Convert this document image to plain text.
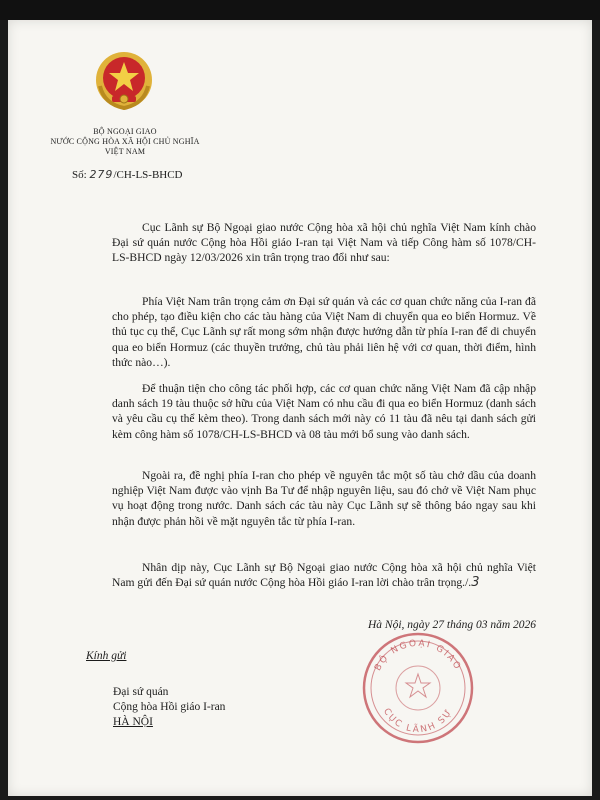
BỘ NGOẠI GIAO
NƯỚC CỘNG HÒA XÃ HỘI CHỦ NGHĨA
VIỆT NAM
Số: 279/CH-LS-BHCD

Cục Lãnh sự Bộ Ngoại giao nước Cộng hòa xã hội chủ nghĩa Việt Nam kính chào Đại sứ quán nước Cộng hòa Hồi giáo I-ran tại Việt Nam và tiếp Công hàm số 1078/CH-LS-BHCD ngày 12/03/2026 xin trân trọng trao đổi như sau:

Phía Việt Nam trân trọng cảm ơn Đại sứ quán và các cơ quan chức năng của I-ran đã cho phép, tạo điều kiện cho các tàu hàng của Việt Nam di chuyển qua eo biển Hormuz. Về thủ tục cụ thể, Cục Lãnh sự rất mong sớm nhận được hướng dẫn từ phía I-ran để di chuyển qua eo biển Hormuz (các thuyền trưởng, chủ tàu phải liên hệ với cơ quan, thời điểm, hình thức nào…).

Để thuận tiện cho công tác phối hợp, các cơ quan chức năng Việt Nam đã cập nhập danh sách 19 tàu thuộc sở hữu của Việt Nam có nhu cầu đi qua eo biển Hormuz (danh sách và yêu cầu cụ thể kèm theo). Trong danh sách mới này có 11 tàu đã nêu tại danh sách gửi kèm công hàm số 1078/CH-LS-BHCD và 08 tàu mới bổ sung vào danh sách.

Ngoài ra, đề nghị phía I-ran cho phép về nguyên tắc một số tàu chở dầu của doanh nghiệp Việt Nam được vào vịnh Ba Tư để nhập nguyên liệu, sau đó chở về Việt Nam phục vụ hoạt động trong nước. Danh sách các tàu này Cục Lãnh sự sẽ thông báo ngay sau khi nhận được phản hồi về mặt nguyên tắc từ phía I-ran.

Nhân dịp này, Cục Lãnh sự Bộ Ngoại giao nước Cộng hòa xã hội chủ nghĩa Việt Nam gửi đến Đại sứ quán nước Cộng hòa Hồi giáo I-ran lời chào trân trọng./.3

Hà Nội, ngày 27 tháng 03 năm 2026
Kính gửi
Đại sứ quán
Cộng hòa Hồi giáo I-ran
HÀ NỘI
BỘ NGOẠI GIAO
CỤC LÃNH SỰ
